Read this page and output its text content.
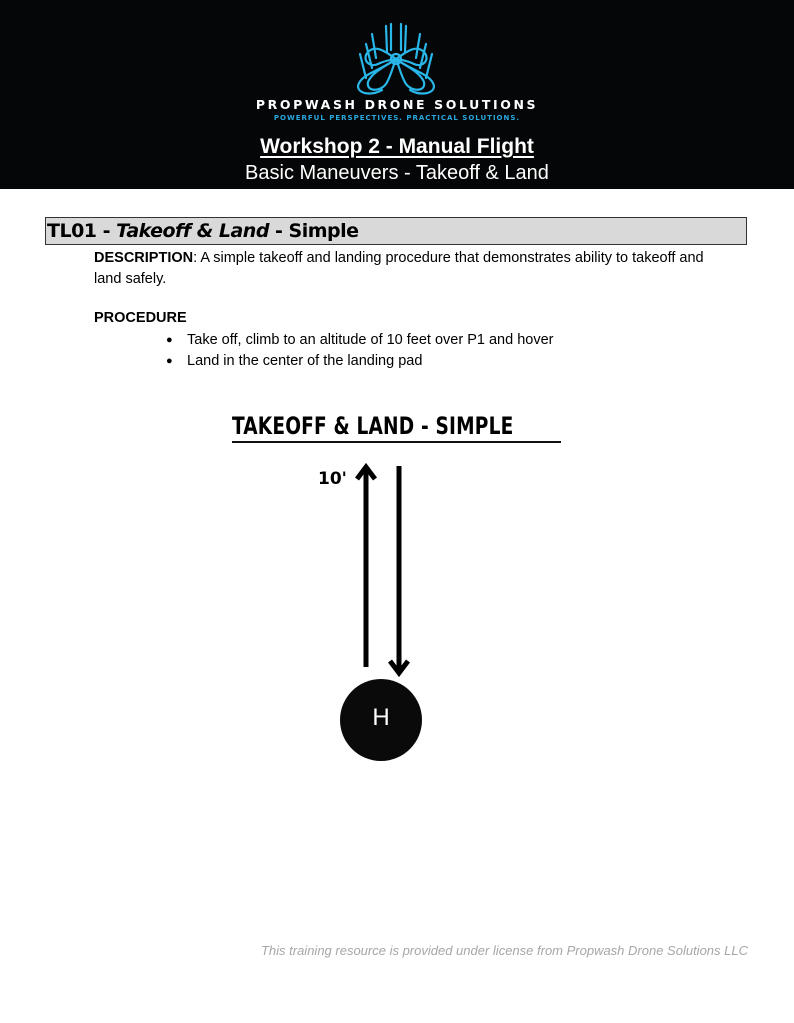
PROPWASH DRONE SOLUTIONS
POWERFUL PERSPECTIVES. PRACTICAL SOLUTIONS.
Workshop 2 - Manual Flight
Basic Maneuvers - Takeoff & Land
TL01 - Takeoff & Land - Simple
DESCRIPTION: A simple takeoff and landing procedure that demonstrates ability to takeoff and land safely.
PROCEDURE
● Take off, climb to an altitude of 10 feet over P1 and hover
● Land in the center of the landing pad
TAKEOFF & LAND - SIMPLE
10'
H
This training resource is provided under license from Propwash Drone Solutions LLC
